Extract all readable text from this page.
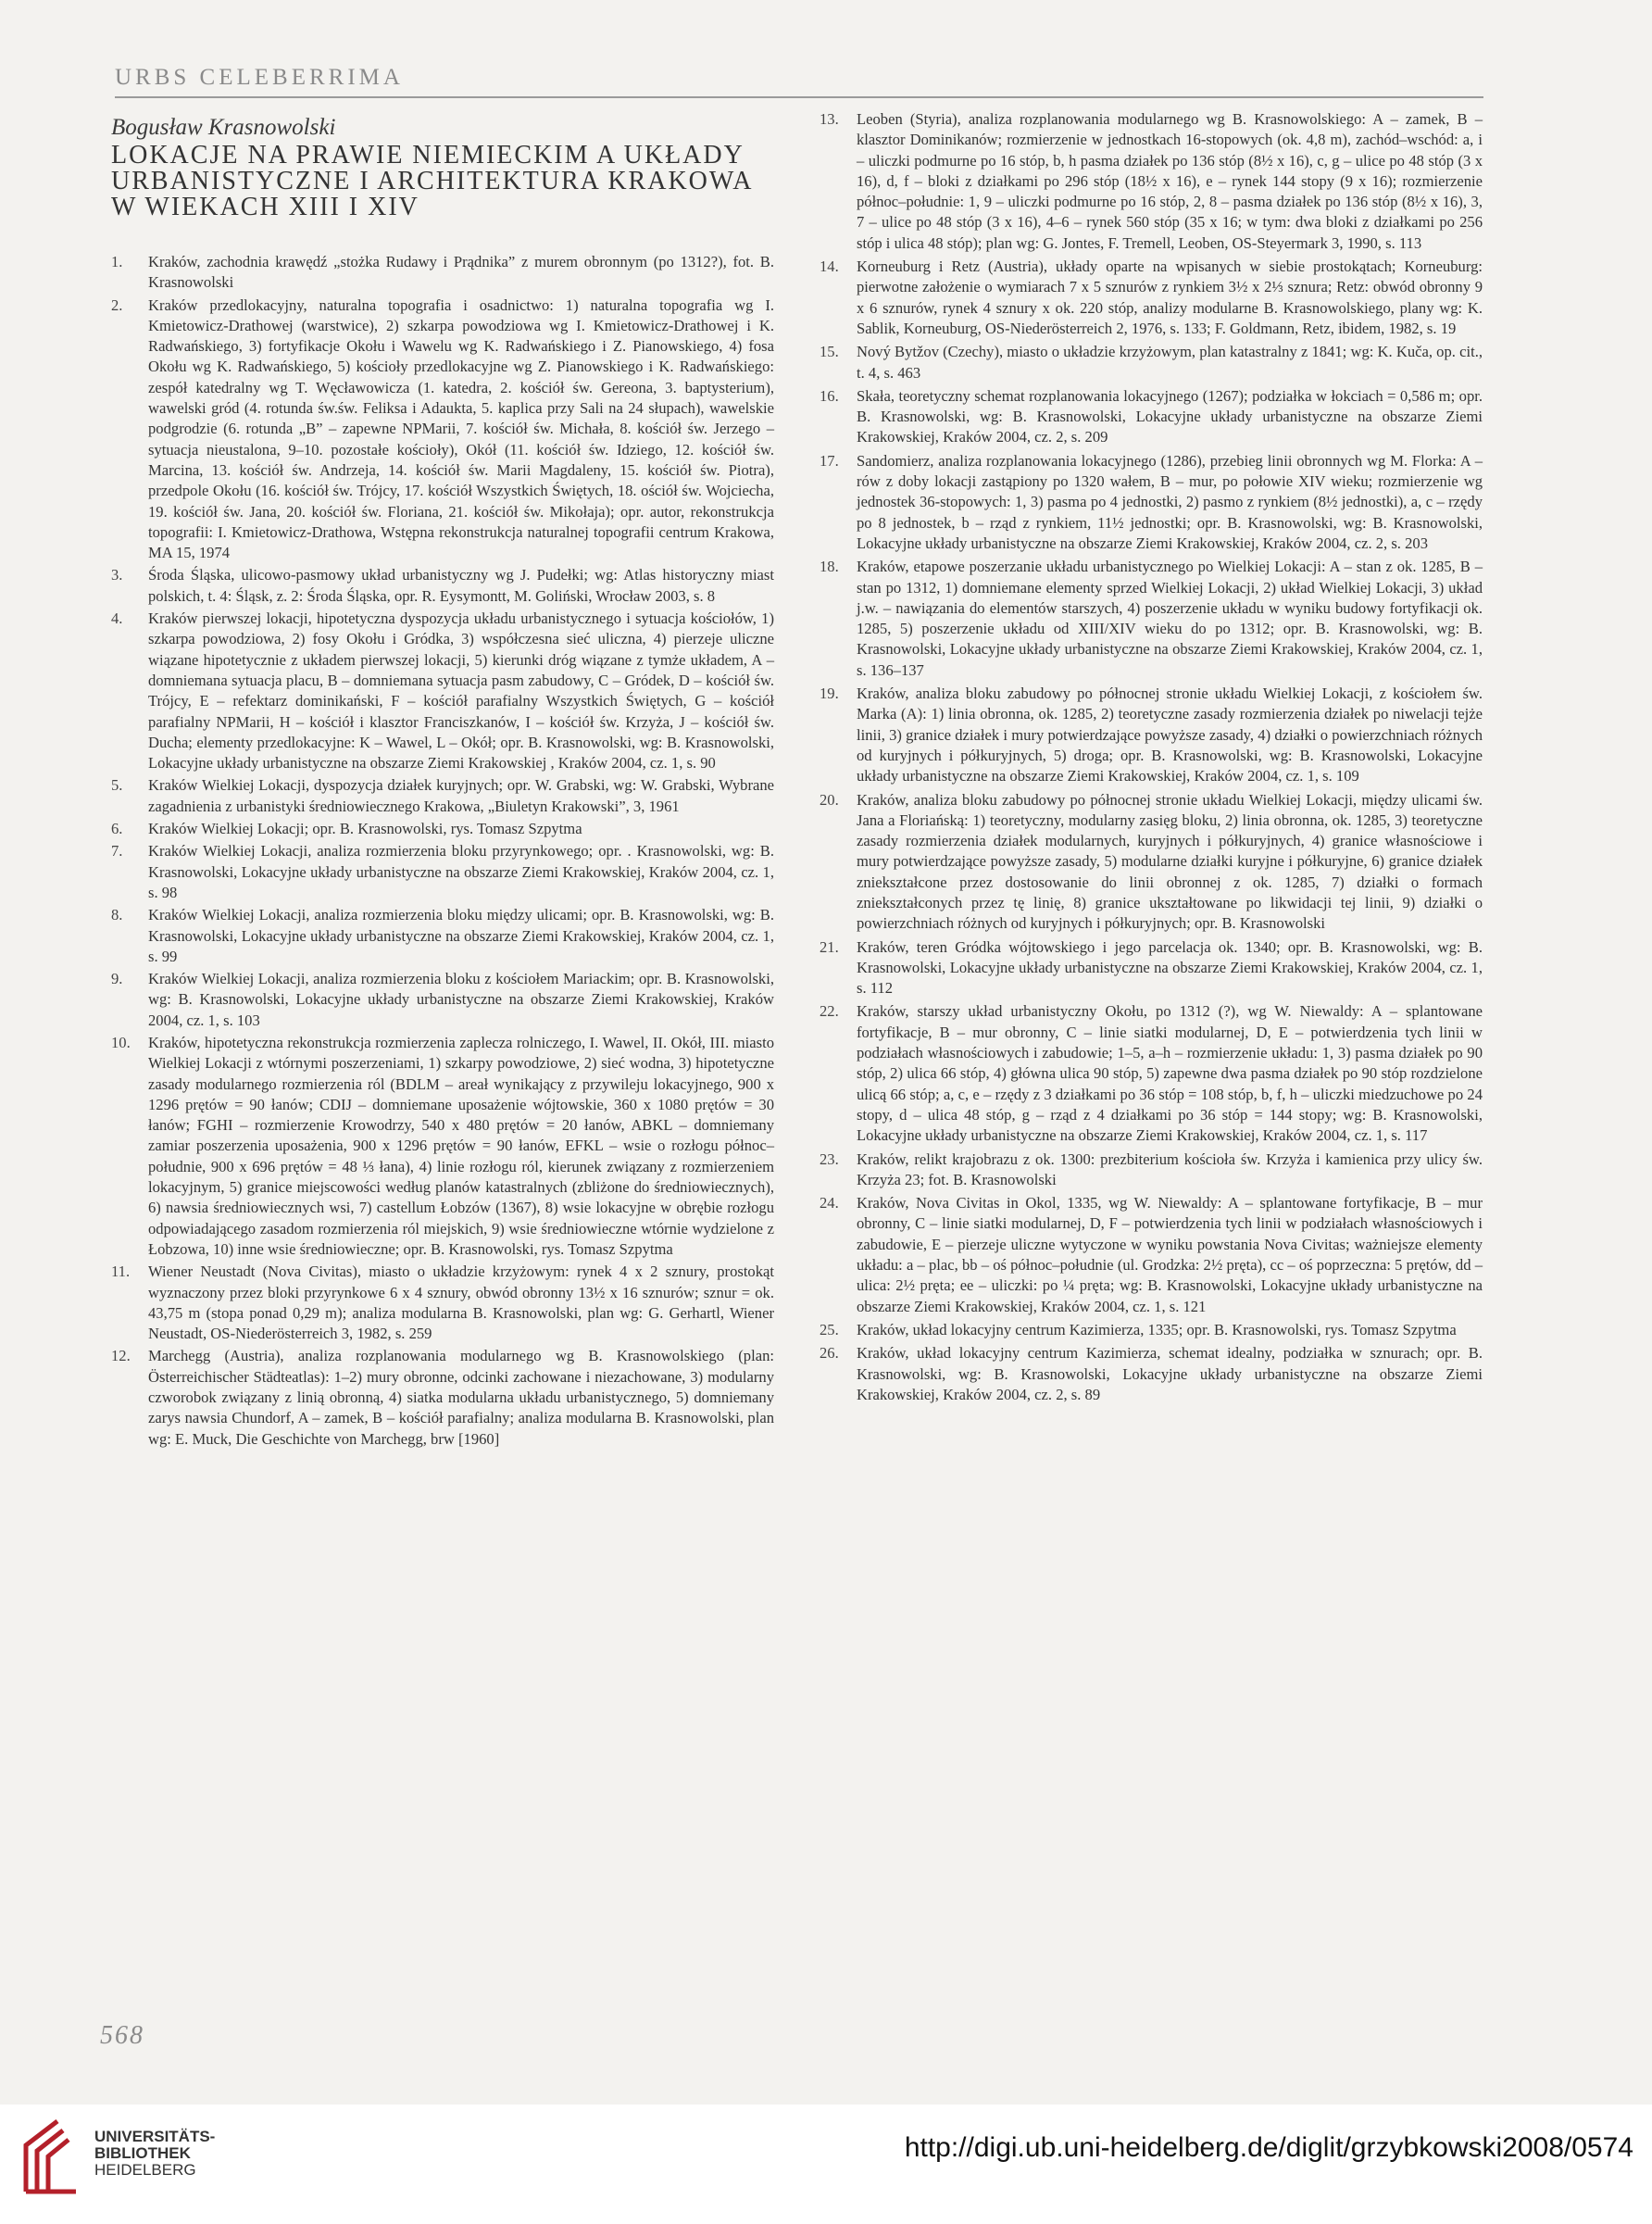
URBS CELEBERRIMA
Bogusław Krasnowolski
LOKACJE NA PRAWIE NIEMIECKIM A UKŁADY
URBANISTYCZNE I ARCHITEKTURA KRAKOWA
W WIEKACH XIII I XIV
1.	Kraków, zachodnia krawędź „stożka Rudawy i Prądnika” z murem obronnym (po 1312?), fot. B. Krasnowolski
2.	Kraków przedlokacyjny, naturalna topografia i osadnictwo: 1) naturalna topografia wg I. Kmietowicz-Drathowej (warstwice), 2) szkarpa powodziowa wg I. Kmietowicz-Drathowej i K. Radwańskiego, 3) fortyfikacje Okołu i Wawelu wg K. Radwańskiego i Z. Pianowskiego, 4) fosa Okołu wg K. Radwańskiego, 5) kościoły przedlokacyjne wg Z. Pianowskiego i K. Radwańskiego: zespół katedralny wg T. Węcławowicza (1. katedra, 2. kościół św. Gereona, 3. baptysterium), wawelski gród (4. rotunda św.św. Feliksa i Adaukta, 5. kaplica przy Sali na 24 słupach), wawelskie podgrodzie (6. rotunda „B” – zapewne NPMarii, 7. kościół św. Michała, 8. kościół św. Jerzego – sytuacja nieustalona, 9–10. pozostałe kościoły), Okół (11. kościół św. Idziego, 12. kościół św. Marcina, 13. kościół św. Andrzeja, 14. kościół św. Marii Magdaleny, 15. kościół św. Piotra), przedpole Okołu (16. kościół św. Trójcy, 17. kościół Wszystkich Świętych, 18. ościół św. Wojciecha, 19. kościół św. Jana, 20. kościół św. Floriana, 21. kościół św. Mikołaja); opr. autor, rekonstrukcja topografii: I. Kmietowicz-Drathowa, Wstępna rekonstrukcja naturalnej topografii centrum Krakowa, MA 15, 1974
3.	Środa Śląska, ulicowo-pasmowy układ urbanistyczny wg J. Pudełki; wg: Atlas historyczny miast polskich, t. 4: Śląsk, z. 2: Środa Śląska, opr. R. Eysymontt, M. Goliński, Wrocław 2003, s. 8
4.	Kraków pierwszej lokacji, hipotetyczna dyspozycja układu urbanistycznego i sytuacja kościołów, 1) szkarpa powodziowa, 2) fosy Okołu i Gródka, 3) współczesna sieć uliczna, 4) pierzeje uliczne wiązane hipotetycznie z układem pierwszej lokacji, 5) kierunki dróg wiązane z tymże układem, A – domniemana sytuacja placu, B – domniemana sytuacja pasm zabudowy, C – Gródek, D – kościół św. Trójcy, E – refektarz dominikański, F – kościół parafialny Wszystkich Świętych, G – kościół parafialny NPMarii, H – kościół i klasztor Franciszkanów, I – kościół św. Krzyża, J – kościół św. Ducha; elementy przedlokacyjne: K – Wawel, L – Okół; opr. B. Krasnowolski, wg: B. Krasnowolski, Lokacyjne układy urbanistyczne na obszarze Ziemi Krakowskiej , Kraków 2004, cz. 1, s. 90
5.	Kraków Wielkiej Lokacji, dyspozycja działek kuryjnych; opr. W. Grabski, wg: W. Grabski, Wybrane zagadnienia z urbanistyki średniowiecznego Krakowa, „Biuletyn Krakowski”, 3, 1961
6.	Kraków Wielkiej Lokacji; opr. B. Krasnowolski, rys. Tomasz Szpytma
7.	Kraków Wielkiej Lokacji, analiza rozmierzenia bloku przyrynkowego; opr. . Krasnowolski, wg: B. Krasnowolski, Lokacyjne układy urbanistyczne na obszarze Ziemi Krakowskiej, Kraków 2004, cz. 1, s. 98
8.	Kraków Wielkiej Lokacji, analiza rozmierzenia bloku między ulicami; opr. B. Krasnowolski, wg: B. Krasnowolski, Lokacyjne układy urbanistyczne na obszarze Ziemi Krakowskiej, Kraków 2004, cz. 1, s. 99
9.	Kraków Wielkiej Lokacji, analiza rozmierzenia bloku z kościołem Mariackim; opr. B. Krasnowolski, wg: B. Krasnowolski, Lokacyjne układy urbanistyczne na obszarze Ziemi Krakowskiej, Kraków 2004, cz. 1, s. 103
10.	Kraków, hipotetyczna rekonstrukcja rozmierzenia zaplecza rolniczego, I. Wawel, II. Okół, III. miasto Wielkiej Lokacji z wtórnymi poszerzeniami, 1) szkarpy powodziowe, 2) sieć wodna, 3) hipotetyczne zasady modularnego rozmierzenia ról (BDLM – areał wynikający z przywileju lokacyjnego, 900 x 1296 prętów = 90 łanów; CDIJ – domniemane uposażenie wójtowskie, 360 x 1080 prętów = 30 łanów; FGHI – rozmierzenie Krowodrzy, 540 x 480 prętów = 20 łanów, ABKL – domniemany zamiar poszerzenia uposażenia, 900 x 1296 prętów = 90 łanów, EFKL – wsie o rozłogu północ–południe, 900 x 696 prętów = 48 ⅓ łana), 4) linie rozłogu ról, kierunek związany z rozmierzeniem lokacyjnym, 5) granice miejscowości według planów katastralnych (zbliżone do średniowiecznych), 6) nawsia średniowiecznych wsi, 7) castellum Łobzów (1367), 8) wsie lokacyjne w obrębie rozłogu odpowiadającego zasadom rozmierzenia ról miejskich, 9) wsie średniowieczne wtórnie wydzielone z Łobzowa, 10) inne wsie średniowieczne; opr. B. Krasnowolski, rys. Tomasz Szpytma
11.	Wiener Neustadt (Nova Civitas), miasto o układzie krzyżowym: rynek 4 x 2 sznury, prostokąt wyznaczony przez bloki przyrynkowe 6 x 4 sznury, obwód obronny 13½ x 16 sznurów; sznur = ok. 43,75 m (stopa ponad 0,29 m); analiza modularna B. Krasnowolski, plan wg: G. Gerhartl, Wiener Neustadt, OS-Niederösterreich 3, 1982, s. 259
12.	Marchegg (Austria), analiza rozplanowania modularnego wg B. Krasnowolskiego (plan: Österreichischer Städteatlas): 1–2) mury obronne, odcinki zachowane i niezachowane, 3) modularny czworobok związany z linią obronną, 4) siatka modularna układu urbanistycznego, 5) domniemany zarys nawsia Chundorf, A – zamek, B – kościół parafialny; analiza modularna B. Krasnowolski, plan wg: E. Muck, Die Geschichte von Marchegg, brw [1960]
13.	Leoben (Styria), analiza rozplanowania modularnego wg B. Krasnowolskiego: A – zamek, B – klasztor Dominikanów; rozmierzenie w jednostkach 16-stopowych (ok. 4,8 m), zachód–wschód: a, i – uliczki podmurne po 16 stóp, b, h pasma działek po 136 stóp (8½ x 16), c, g – ulice po 48 stóp (3 x 16), d, f – bloki z działkami po 296 stóp (18½ x 16), e – rynek 144 stopy (9 x 16); rozmierzenie północ–południe: 1, 9 – uliczki podmurne po 16 stóp, 2, 8 – pasma działek po 136 stóp (8½ x 16), 3, 7 – ulice po 48 stóp (3 x 16), 4–6 – rynek 560 stóp (35 x 16; w tym: dwa bloki z działkami po 256 stóp i ulica 48 stóp); plan wg: G. Jontes, F. Tremell, Leoben, OS-Steyermark 3, 1990, s. 113
14.	Korneuburg i Retz (Austria), układy oparte na wpisanych w siebie prostokątach; Korneuburg: pierwotne założenie o wymiarach 7 x 5 sznurów z rynkiem 3½ x 2⅓ sznura; Retz: obwód obronny 9 x 6 sznurów, rynek 4 sznury x ok. 220 stóp, analizy modularne B. Krasnowolskiego, plany wg: K. Sablik, Korneuburg, OS-Niederösterreich 2, 1976, s. 133; F. Goldmann, Retz, ibidem, 1982, s. 19
15.	Nový Bytžov (Czechy), miasto o układzie krzyżowym, plan katastralny z 1841; wg: K. Kuča, op. cit., t. 4, s. 463
16.	Skała, teoretyczny schemat rozplanowania lokacyjnego (1267); podziałka w łokciach = 0,586 m; opr. B. Krasnowolski, wg: B. Krasnowolski, Lokacyjne układy urbanistyczne na obszarze Ziemi Krakowskiej, Kraków 2004, cz. 2, s. 209
17.	Sandomierz, analiza rozplanowania lokacyjnego (1286), przebieg linii obronnych wg M. Florka: A – rów z doby lokacji zastąpiony po 1320 wałem, B – mur, po połowie XIV wieku; rozmierzenie wg jednostek 36-stopowych: 1, 3) pasma po 4 jednostki, 2) pasmo z rynkiem (8½ jednostki), a, c – rzędy po 8 jednostek, b – rząd z rynkiem, 11½ jednostki; opr. B. Krasnowolski, wg: B. Krasnowolski, Lokacyjne układy urbanistyczne na obszarze Ziemi Krakowskiej, Kraków 2004, cz. 2, s. 203
18.	Kraków, etapowe poszerzanie układu urbanistycznego po Wielkiej Lokacji: A – stan z ok. 1285, B – stan po 1312, 1) domniemane elementy sprzed Wielkiej Lokacji, 2) układ Wielkiej Lokacji, 3) układ j.w. – nawiązania do elementów starszych, 4) poszerzenie układu w wyniku budowy fortyfikacji ok. 1285, 5) poszerzenie układu od XIII/XIV wieku do po 1312; opr. B. Krasnowolski, wg: B. Krasnowolski, Lokacyjne układy urbanistyczne na obszarze Ziemi Krakowskiej, Kraków 2004, cz. 1, s. 136–137
19.	Kraków, analiza bloku zabudowy po północnej stronie układu Wielkiej Lokacji, z kościołem św. Marka (A): 1) linia obronna, ok. 1285, 2) teoretyczne zasady rozmierzenia działek po niwelacji tejże linii, 3) granice działek i mury potwierdzające powyższe zasady, 4) działki o powierzchniach różnych od kuryjnych i półkuryjnych, 5) droga; opr. B. Krasnowolski, wg: B. Krasnowolski, Lokacyjne układy urbanistyczne na obszarze Ziemi Krakowskiej, Kraków 2004, cz. 1, s. 109
20.	Kraków, analiza bloku zabudowy po północnej stronie układu Wielkiej Lokacji, między ulicami św. Jana a Floriańską: 1) teoretyczny, modularny zasięg bloku, 2) linia obronna, ok. 1285, 3) teoretyczne zasady rozmierzenia działek modularnych, kuryjnych i półkuryjnych, 4) granice własnościowe i mury potwierdzające powyższe zasady, 5) modularne działki kuryjne i półkuryjne, 6) granice działek zniekształcone przez dostosowanie do linii obronnej z ok. 1285, 7) działki o formach zniekształconych przez tę linię, 8) granice ukształtowane po likwidacji tej linii, 9) działki o powierzchniach różnych od kuryjnych i półkuryjnych; opr. B. Krasnowolski
21.	Kraków, teren Gródka wójtowskiego i jego parcelacja ok. 1340; opr. B. Krasnowolski, wg: B. Krasnowolski, Lokacyjne układy urbanistyczne na obszarze Ziemi Krakowskiej, Kraków 2004, cz. 1, s. 112
22.	Kraków, starszy układ urbanistyczny Okołu, po 1312 (?), wg W. Niewaldy: A – splantowane fortyfikacje, B – mur obronny, C – linie siatki modularnej, D, E – potwierdzenia tych linii w podziałach własnościowych i zabudowie; 1–5, a–h – rozmierzenie układu: 1, 3) pasma działek po 90 stóp, 2) ulica 66 stóp, 4) główna ulica 90 stóp, 5) zapewne dwa pasma działek po 90 stóp rozdzielone ulicą 66 stóp; a, c, e – rzędy z 3 działkami po 36 stóp = 108 stóp, b, f, h – uliczki miedzuchowe po 24 stopy, d – ulica 48 stóp, g – rząd z 4 działkami po 36 stóp = 144 stopy; wg: B. Krasnowolski, Lokacyjne układy urbanistyczne na obszarze Ziemi Krakowskiej, Kraków 2004, cz. 1, s. 117
23.	Kraków, relikt krajobrazu z ok. 1300: prezbiterium kościoła św. Krzyża i kamienica przy ulicy św. Krzyża 23; fot. B. Krasnowolski
24.	Kraków, Nova Civitas in Okol, 1335, wg W. Niewaldy: A – splantowane fortyfikacje, B – mur obronny, C – linie siatki modularnej, D, F – potwierdzenia tych linii w podziałach własnościowych i zabudowie, E – pierzeje uliczne wytyczone w wyniku powstania Nova Civitas; ważniejsze elementy układu: a – plac, bb – oś północ–południe (ul. Grodzka: 2½ pręta), cc – oś poprzeczna: 5 prętów, dd – ulica: 2½ pręta; ee – uliczki: po ¼ pręta; wg: B. Krasnowolski, Lokacyjne układy urbanistyczne na obszarze Ziemi Krakowskiej, Kraków 2004, cz. 1, s. 121
25.	Kraków, układ lokacyjny centrum Kazimierza, 1335; opr. B. Krasnowolski, rys. Tomasz Szpytma
26.	Kraków, układ lokacyjny centrum Kazimierza, schemat idealny, podziałka w sznurach; opr. B. Krasnowolski, wg: B. Krasnowolski, Lokacyjne układy urbanistyczne na obszarze Ziemi Krakowskiej, Kraków 2004, cz. 2, s. 89
568
UNIVERSITÄTS-
BIBLIOTHEK
HEIDELBERG
http://digi.ub.uni-heidelberg.de/diglit/grzybkowski2008/0574
